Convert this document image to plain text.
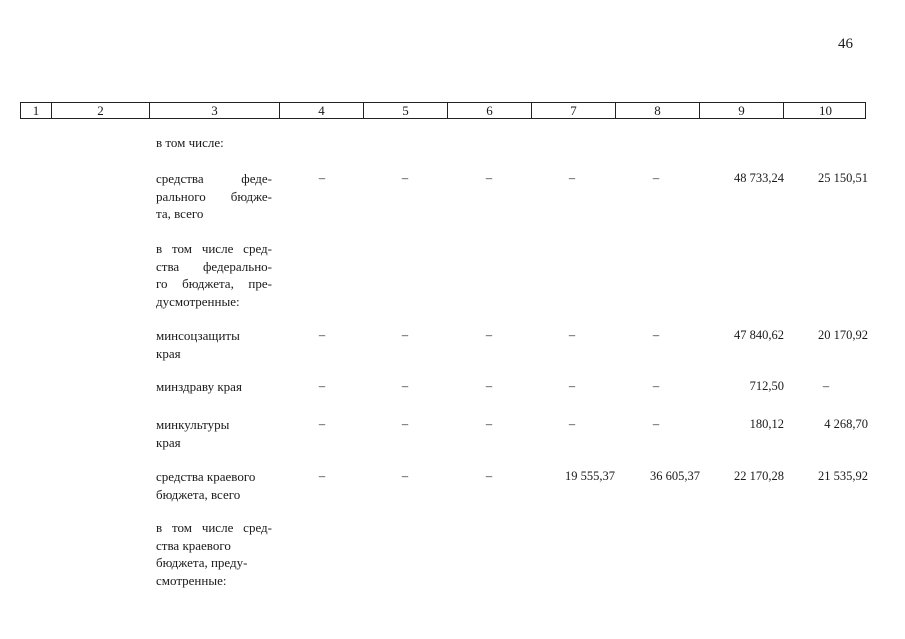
46
1	2	3	4	5	6	7	8	9	10
в том числе:
средства феде-
рального бюдже-
та, всего
–	–	–	–	–	48 733,24	25 150,51
в том числе сред-
ства федерально-
го бюджета, пре-
дусмотренные:
минсоцзащиты
края
–	–	–	–	–	47 840,62	20 170,92
минздраву края	–	–	–	–	–	712,50	–
минкультуры
края
–	–	–	–	–	180,12	4 268,70
средства краевого
бюджета, всего
–	–	–	19 555,37	36 605,37	22 170,28	21 535,92
в том числе сред-
ства краевого
бюджета, преду-
смотренные:
